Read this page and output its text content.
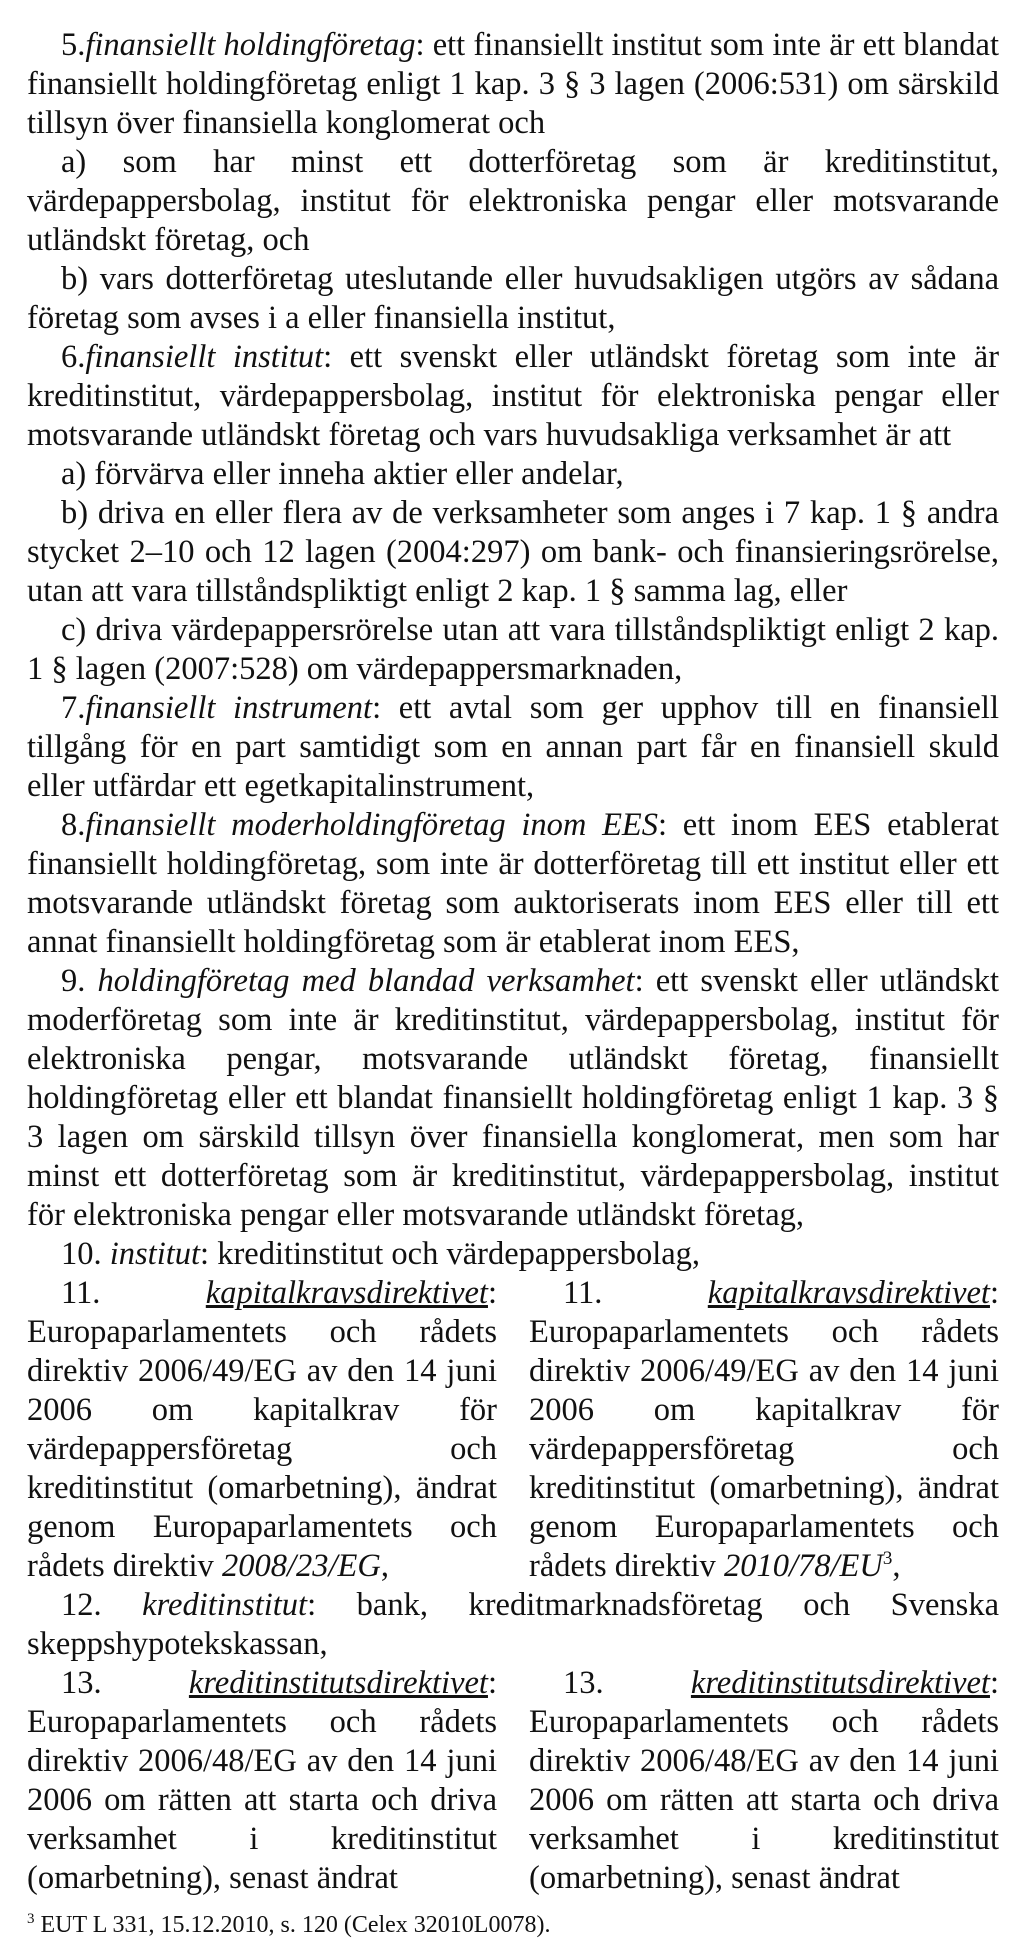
5.finansiellt holdingföretag: ett finansiellt institut som inte är ett blandat finansiellt holdingföretag enligt 1 kap. 3 § 3 lagen (2006:531) om särskild tillsyn över finansiella konglomerat och

a) som har minst ett dotterföretag som är kreditinstitut, värdepappersbolag, institut för elektroniska pengar eller motsvarande utländskt företag, och

b) vars dotterföretag uteslutande eller huvudsakligen utgörs av sådana företag som avses i a eller finansiella institut,

6.finansiellt institut: ett svenskt eller utländskt företag som inte är kreditinstitut, värdepappersbolag, institut för elektroniska pengar eller motsvarande utländskt företag och vars huvudsakliga verksamhet är att

a) förvärva eller inneha aktier eller andelar,

b) driva en eller flera av de verksamheter som anges i 7 kap. 1 § andra stycket 2–10 och 12 lagen (2004:297) om bank- och finansieringsrörelse, utan att vara tillståndspliktigt enligt 2 kap. 1 § samma lag, eller

c) driva värdepappersrörelse utan att vara tillståndspliktigt enligt 2 kap. 1 § lagen (2007:528) om värdepappersmarknaden,

7.finansiellt instrument: ett avtal som ger upphov till en finansiell tillgång för en part samtidigt som en annan part får en finansiell skuld eller utfärdar ett egetkapitalinstrument,

8.finansiellt moderholdingföretag inom EES: ett inom EES etablerat finansiellt holdingföretag, som inte är dotterföretag till ett institut eller ett motsvarande utländskt företag som auktoriserats inom EES eller till ett annat finansiellt holdingföretag som är etablerat inom EES,

9. holdingföretag med blandad verksamhet: ett svenskt eller utländskt moderföretag som inte är kreditinstitut, värdepappersbolag, institut för elektroniska pengar, motsvarande utländskt företag, finansiellt holdingföretag eller ett blandat finansiellt holdingföretag enligt 1 kap. 3 § 3 lagen om särskild tillsyn över finansiella konglomerat, men som har minst ett dotterföretag som är kreditinstitut, värdepappersbolag, institut för elektroniska pengar eller motsvarande utländskt företag,

10. institut: kreditinstitut och värdepappersbolag,

11.	kapitalkravsdirektivet: Europaparlamentets och rådets direktiv 2006/49/EG av den 14 juni 2006 om kapitalkrav för värdepappersföretag och kreditinstitut (omarbetning), ändrat genom Europaparlamentets och rådets direktiv 2008/23/EG,

11.	kapitalkravsdirektivet: Europaparlamentets och rådets direktiv 2006/49/EG av den 14 juni 2006 om kapitalkrav för värdepappersföretag och kreditinstitut (omarbetning), ändrat genom Europaparlamentets och rådets direktiv 2010/78/EU$^3$,

12. kreditinstitut: bank, kreditmarknadsföretag och Svenska skeppshypotekskassan,

13.	kreditinstitutsdirektivet: Europaparlamentets och rådets direktiv 2006/48/EG av den 14 juni 2006 om rätten att starta och driva verksamhet i kreditinstitut (omarbetning), senast ändrat

13.	kreditinstitutsdirektivet: Europaparlamentets och rådets direktiv 2006/48/EG av den 14 juni 2006 om rätten att starta och driva verksamhet i kreditinstitut (omarbetning), senast ändrat

$^3$ EUT L 331, 15.12.2010, s. 120 (Celex 32010L0078).
